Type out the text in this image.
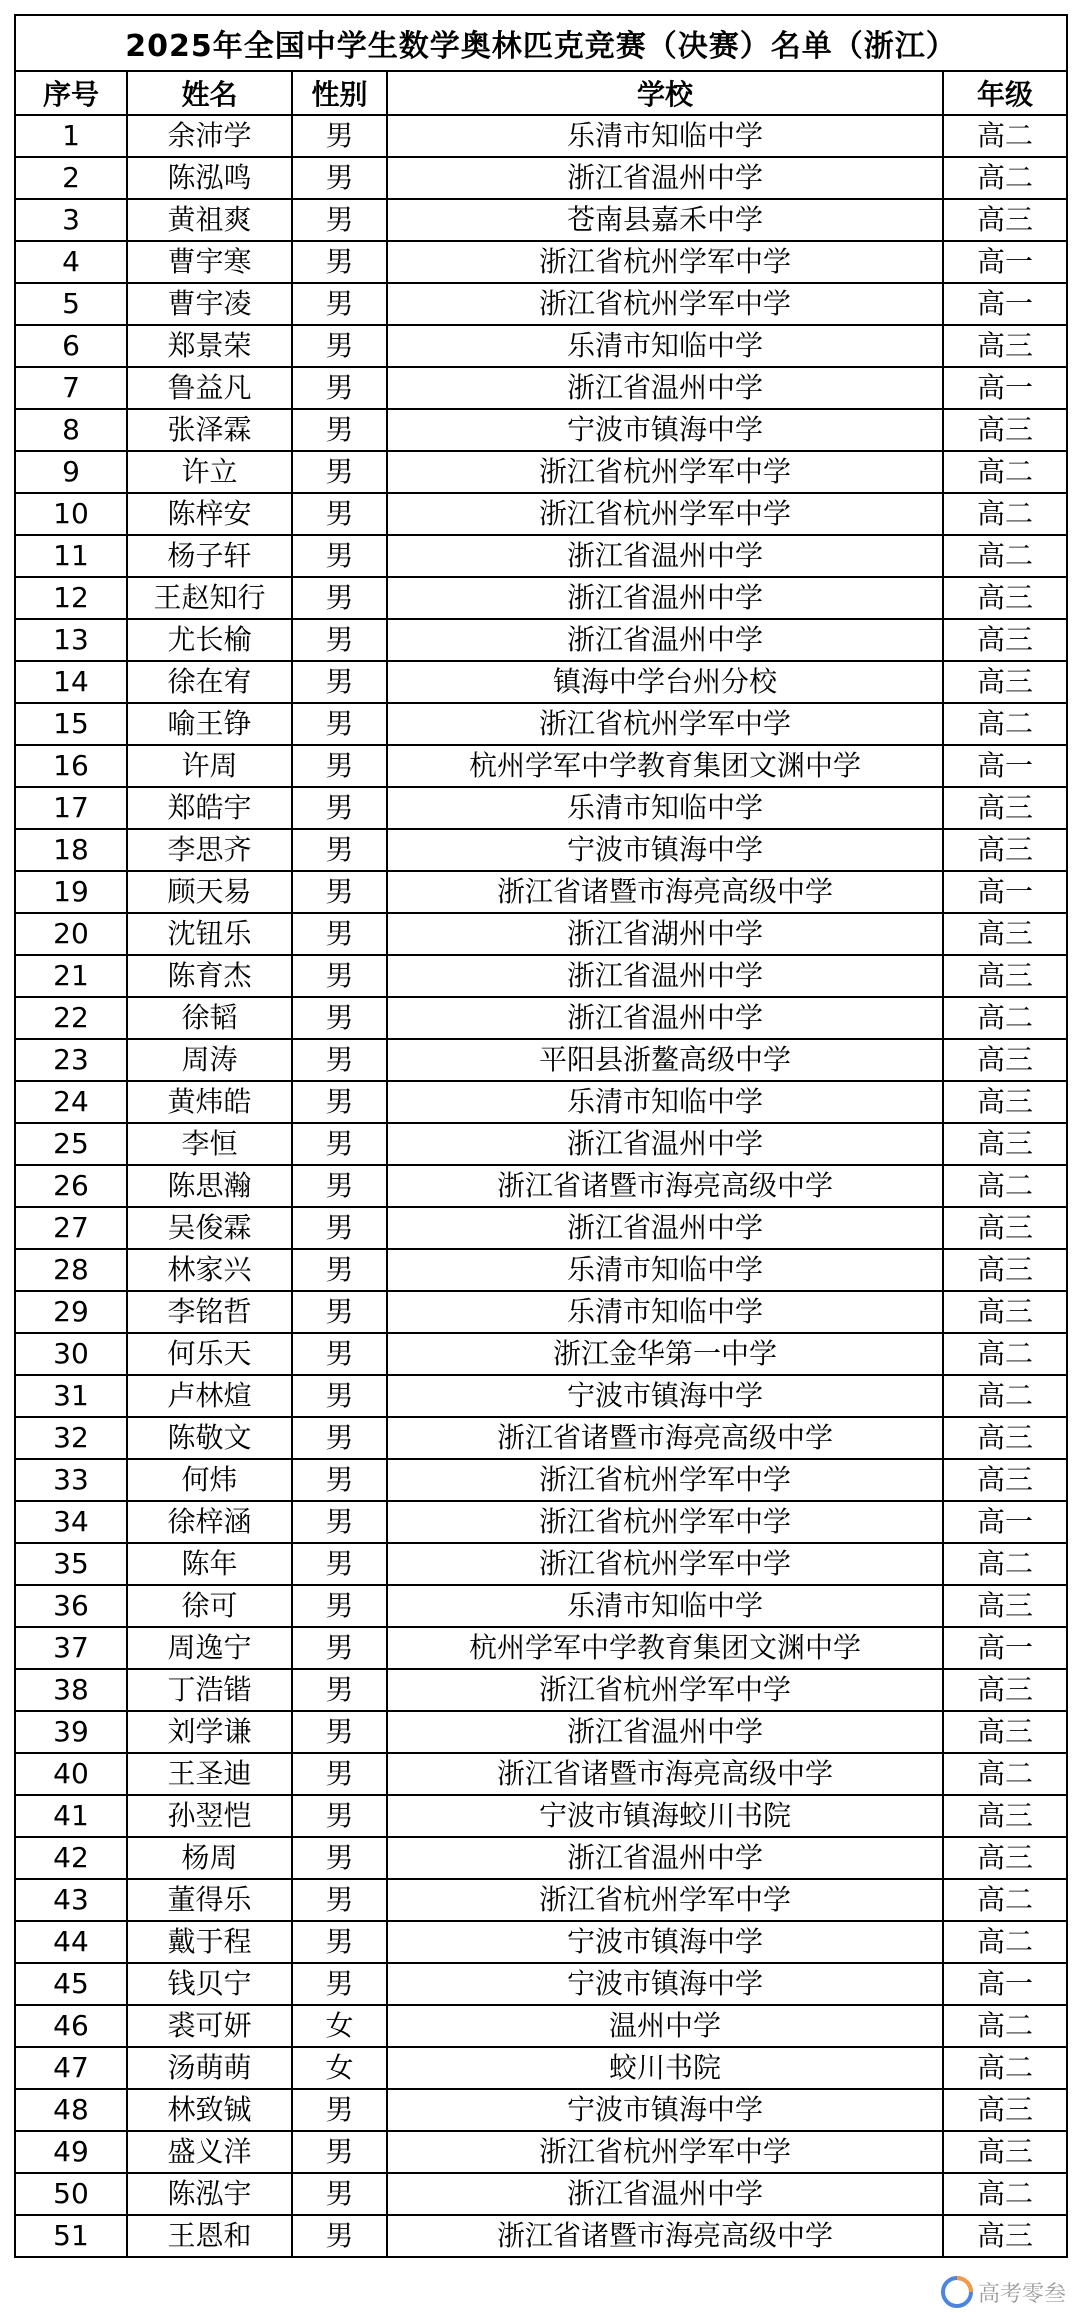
2025年全国中学生数学奥林匹克竞赛（决赛）名单（浙江）				
序号	姓名	性别	学校	年级
1	余沛学	男	乐清市知临中学	高二
2	陈泓鸣	男	浙江省温州中学	高二
3	黄祖爽	男	苍南县嘉禾中学	高三
4	曹宇寒	男	浙江省杭州学军中学	高一
5	曹宇凌	男	浙江省杭州学军中学	高一
6	郑景荣	男	乐清市知临中学	高三
7	鲁益凡	男	浙江省温州中学	高一
8	张泽霖	男	宁波市镇海中学	高三
9	许立	男	浙江省杭州学军中学	高二
10	陈梓安	男	浙江省杭州学军中学	高二
11	杨子轩	男	浙江省温州中学	高二
12	王赵知行	男	浙江省温州中学	高三
13	尤长榆	男	浙江省温州中学	高三
14	徐在宥	男	镇海中学台州分校	高三
15	喻王铮	男	浙江省杭州学军中学	高二
16	许周	男	杭州学军中学教育集团文渊中学	高一
17	郑皓宇	男	乐清市知临中学	高三
18	李思齐	男	宁波市镇海中学	高三
19	顾天易	男	浙江省诸暨市海亮高级中学	高一
20	沈钮乐	男	浙江省湖州中学	高三
21	陈育杰	男	浙江省温州中学	高三
22	徐韬	男	浙江省温州中学	高二
23	周涛	男	平阳县浙鳌高级中学	高三
24	黄炜皓	男	乐清市知临中学	高三
25	李恒	男	浙江省温州中学	高三
26	陈思瀚	男	浙江省诸暨市海亮高级中学	高二
27	吴俊霖	男	浙江省温州中学	高三
28	林家兴	男	乐清市知临中学	高三
29	李铭哲	男	乐清市知临中学	高三
30	何乐天	男	浙江金华第一中学	高二
31	卢林煊	男	宁波市镇海中学	高二
32	陈敬文	男	浙江省诸暨市海亮高级中学	高三
33	何炜	男	浙江省杭州学军中学	高三
34	徐梓涵	男	浙江省杭州学军中学	高一
35	陈年	男	浙江省杭州学军中学	高二
36	徐可	男	乐清市知临中学	高三
37	周逸宁	男	杭州学军中学教育集团文渊中学	高一
38	丁浩锴	男	浙江省杭州学军中学	高三
39	刘学谦	男	浙江省温州中学	高三
40	王圣迪	男	浙江省诸暨市海亮高级中学	高二
41	孙翌恺	男	宁波市镇海蛟川书院	高三
42	杨周	男	浙江省温州中学	高三
43	董得乐	男	浙江省杭州学军中学	高二
44	戴于程	男	宁波市镇海中学	高二
45	钱贝宁	男	宁波市镇海中学	高一
46	裘可妍	女	温州中学	高二
47	汤萌萌	女	蛟川书院	高二
48	林致铖	男	宁波市镇海中学	高三
49	盛义洋	男	浙江省杭州学军中学	高三
50	陈泓宇	男	浙江省温州中学	高二
51	王恩和	男	浙江省诸暨市海亮高级中学	高三
高考零叁
